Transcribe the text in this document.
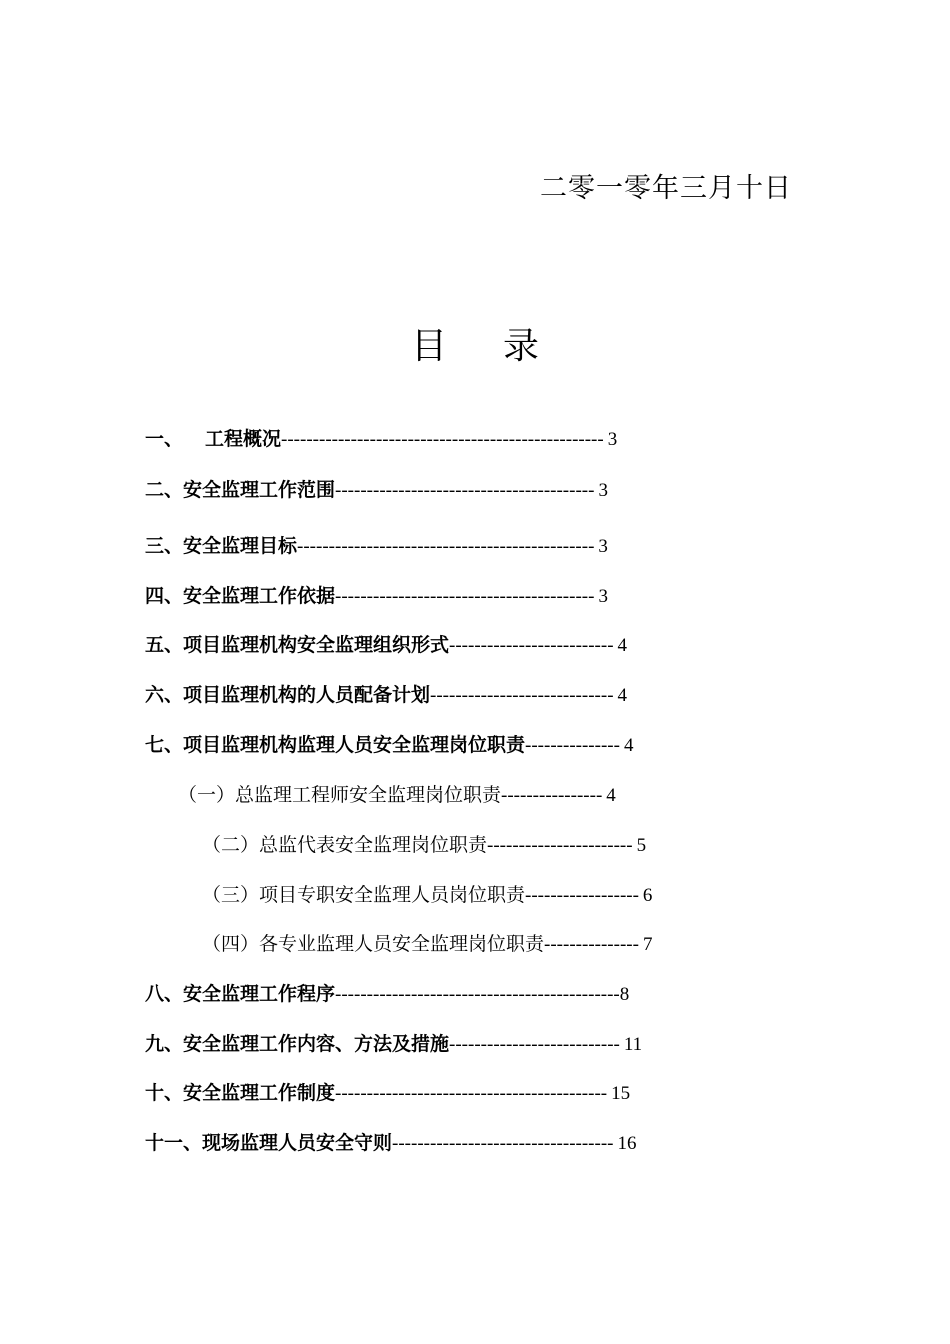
二零一零年三月十日
目 录
一、 工程概况--------------------------------------------------- 3
二、安全监理工作范围----------------------------------------- 3
三、安全监理目标----------------------------------------------- 3
四、安全监理工作依据----------------------------------------- 3
五、项目监理机构安全监理组织形式-------------------------- 4
六、项目监理机构的人员配备计划----------------------------- 4
七、项目监理机构监理人员安全监理岗位职责--------------- 4
（一）总监理工程师安全监理岗位职责---------------- 4
（二）总监代表安全监理岗位职责----------------------- 5
（三）项目专职安全监理人员岗位职责------------------ 6
（四）各专业监理人员安全监理岗位职责--------------- 7
八、安全监理工作程序---------------------------------------------8
九、安全监理工作内容、方法及措施--------------------------- 11
十、安全监理工作制度------------------------------------------- 15
十一、现场监理人员安全守则----------------------------------- 16
